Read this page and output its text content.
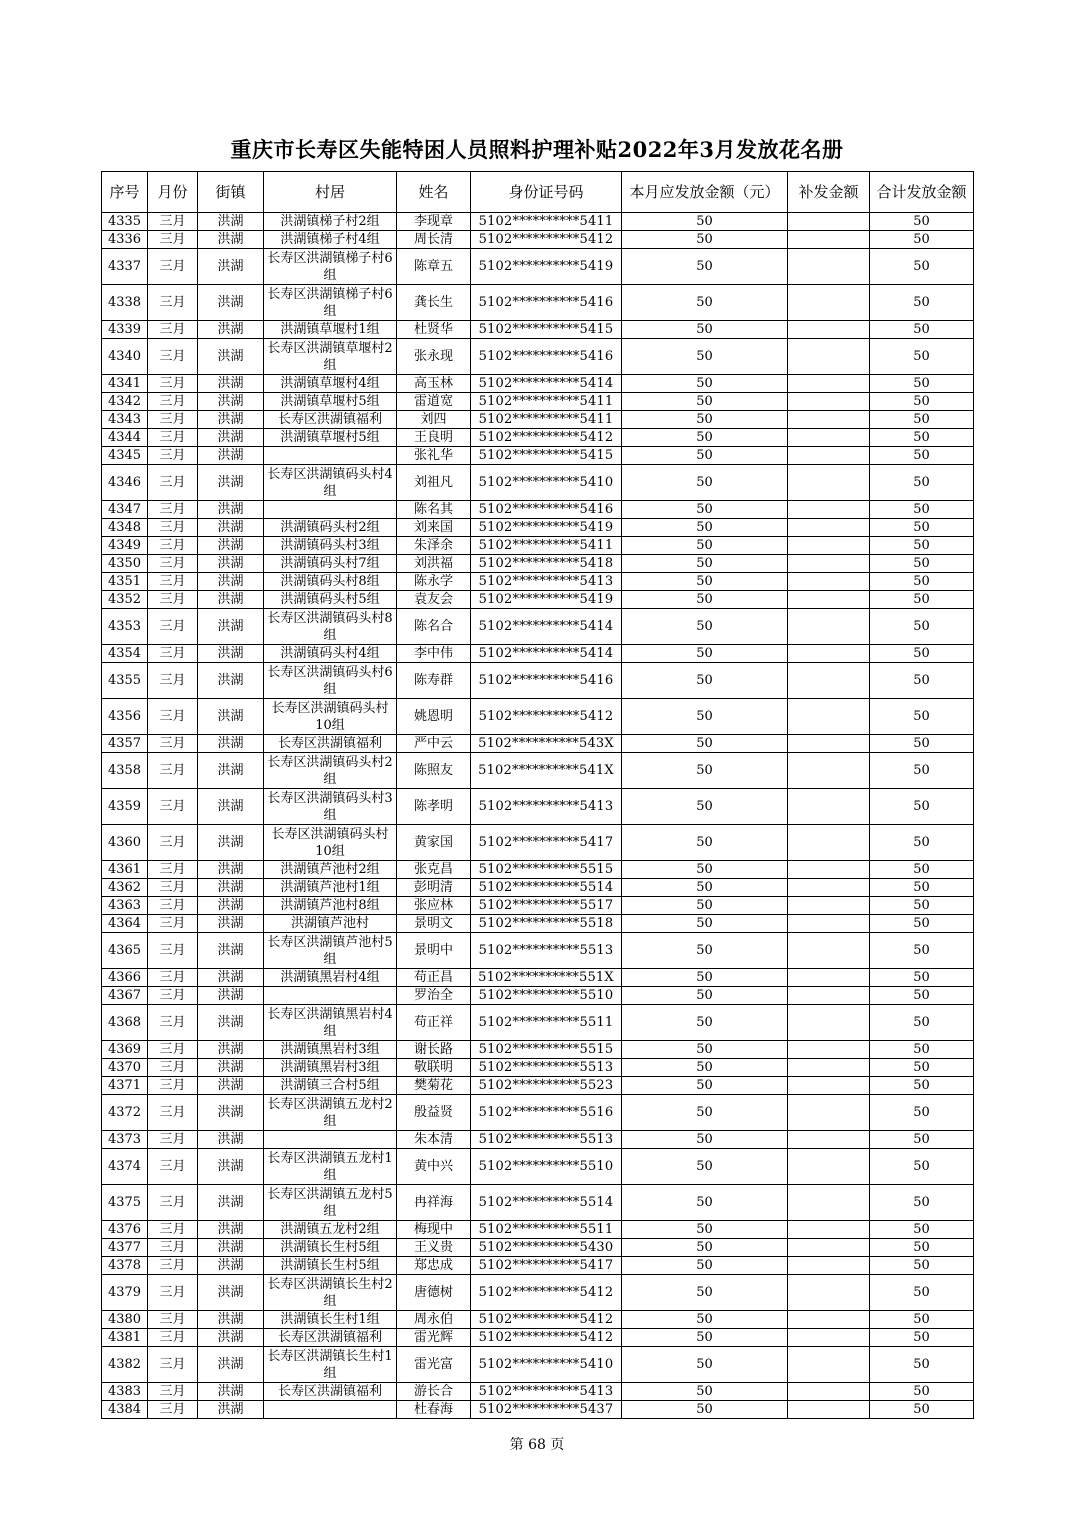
重庆市长寿区失能特困人员照料护理补贴2022年3月发放花名册
序号	月份	街镇	村居	姓名	身份证号码	本月应发放金额（元）	补发金额	合计发放金额
4335	三月	洪湖	洪湖镇梯子村2组	李现章	5102**********5411	50		50
4336	三月	洪湖	洪湖镇梯子村4组	周长清	5102**********5412	50		50
4337	三月	洪湖	长寿区洪湖镇梯子村6组	陈章五	5102**********5419	50		50
4338	三月	洪湖	长寿区洪湖镇梯子村6组	龚长生	5102**********5416	50		50
4339	三月	洪湖	洪湖镇草堰村1组	杜贤华	5102**********5415	50		50
4340	三月	洪湖	长寿区洪湖镇草堰村2组	张永现	5102**********5416	50		50
4341	三月	洪湖	洪湖镇草堰村4组	高玉林	5102**********5414	50		50
4342	三月	洪湖	洪湖镇草堰村5组	雷道宽	5102**********5411	50		50
4343	三月	洪湖	长寿区洪湖镇福利	刘四	5102**********5411	50		50
4344	三月	洪湖	洪湖镇草堰村5组	王良明	5102**********5412	50		50
4345	三月	洪湖		张礼华	5102**********5415	50		50
4346	三月	洪湖	长寿区洪湖镇码头村4组	刘祖凡	5102**********5410	50		50
4347	三月	洪湖		陈名其	5102**********5416	50		50
4348	三月	洪湖	洪湖镇码头村2组	刘来国	5102**********5419	50		50
4349	三月	洪湖	洪湖镇码头村3组	朱泽余	5102**********5411	50		50
4350	三月	洪湖	洪湖镇码头村7组	刘洪福	5102**********5418	50		50
4351	三月	洪湖	洪湖镇码头村8组	陈永学	5102**********5413	50		50
4352	三月	洪湖	洪湖镇码头村5组	袁友会	5102**********5419	50		50
4353	三月	洪湖	长寿区洪湖镇码头村8组	陈名合	5102**********5414	50		50
4354	三月	洪湖	洪湖镇码头村4组	李中伟	5102**********5414	50		50
4355	三月	洪湖	长寿区洪湖镇码头村6组	陈寿群	5102**********5416	50		50
4356	三月	洪湖	长寿区洪湖镇码头村10组	姚恩明	5102**********5412	50		50
4357	三月	洪湖	长寿区洪湖镇福利	严中云	5102**********543X	50		50
4358	三月	洪湖	长寿区洪湖镇码头村2组	陈照友	5102**********541X	50		50
4359	三月	洪湖	长寿区洪湖镇码头村3组	陈孝明	5102**********5413	50		50
4360	三月	洪湖	长寿区洪湖镇码头村10组	黄家国	5102**********5417	50		50
4361	三月	洪湖	洪湖镇芦池村2组	张克昌	5102**********5515	50		50
4362	三月	洪湖	洪湖镇芦池村1组	彭明清	5102**********5514	50		50
4363	三月	洪湖	洪湖镇芦池村8组	张应林	5102**********5517	50		50
4364	三月	洪湖	洪湖镇芦池村	景明文	5102**********5518	50		50
4365	三月	洪湖	长寿区洪湖镇芦池村5组	景明中	5102**********5513	50		50
4366	三月	洪湖	洪湖镇黑岩村4组	苟正昌	5102**********551X	50		50
4367	三月	洪湖		罗治全	5102**********5510	50		50
4368	三月	洪湖	长寿区洪湖镇黑岩村4组	苟正祥	5102**********5511	50		50
4369	三月	洪湖	洪湖镇黑岩村3组	谢长路	5102**********5515	50		50
4370	三月	洪湖	洪湖镇黑岩村3组	敬联明	5102**********5513	50		50
4371	三月	洪湖	洪湖镇三合村5组	樊菊花	5102**********5523	50		50
4372	三月	洪湖	长寿区洪湖镇五龙村2组	殷益贤	5102**********5516	50		50
4373	三月	洪湖		朱本清	5102**********5513	50		50
4374	三月	洪湖	长寿区洪湖镇五龙村1组	黄中兴	5102**********5510	50		50
4375	三月	洪湖	长寿区洪湖镇五龙村5组	冉祥海	5102**********5514	50		50
4376	三月	洪湖	洪湖镇五龙村2组	梅现中	5102**********5511	50		50
4377	三月	洪湖	洪湖镇长生村5组	王义贵	5102**********5430	50		50
4378	三月	洪湖	洪湖镇长生村5组	郑忠成	5102**********5417	50		50
4379	三月	洪湖	长寿区洪湖镇长生村2组	唐德树	5102**********5412	50		50
4380	三月	洪湖	洪湖镇长生村1组	周永伯	5102**********5412	50		50
4381	三月	洪湖	长寿区洪湖镇福利	雷光辉	5102**********5412	50		50
4382	三月	洪湖	长寿区洪湖镇长生村1组	雷光富	5102**********5410	50		50
4383	三月	洪湖	长寿区洪湖镇福利	游长合	5102**********5413	50		50
4384	三月	洪湖		杜春海	5102**********5437	50		50
第 68 页
